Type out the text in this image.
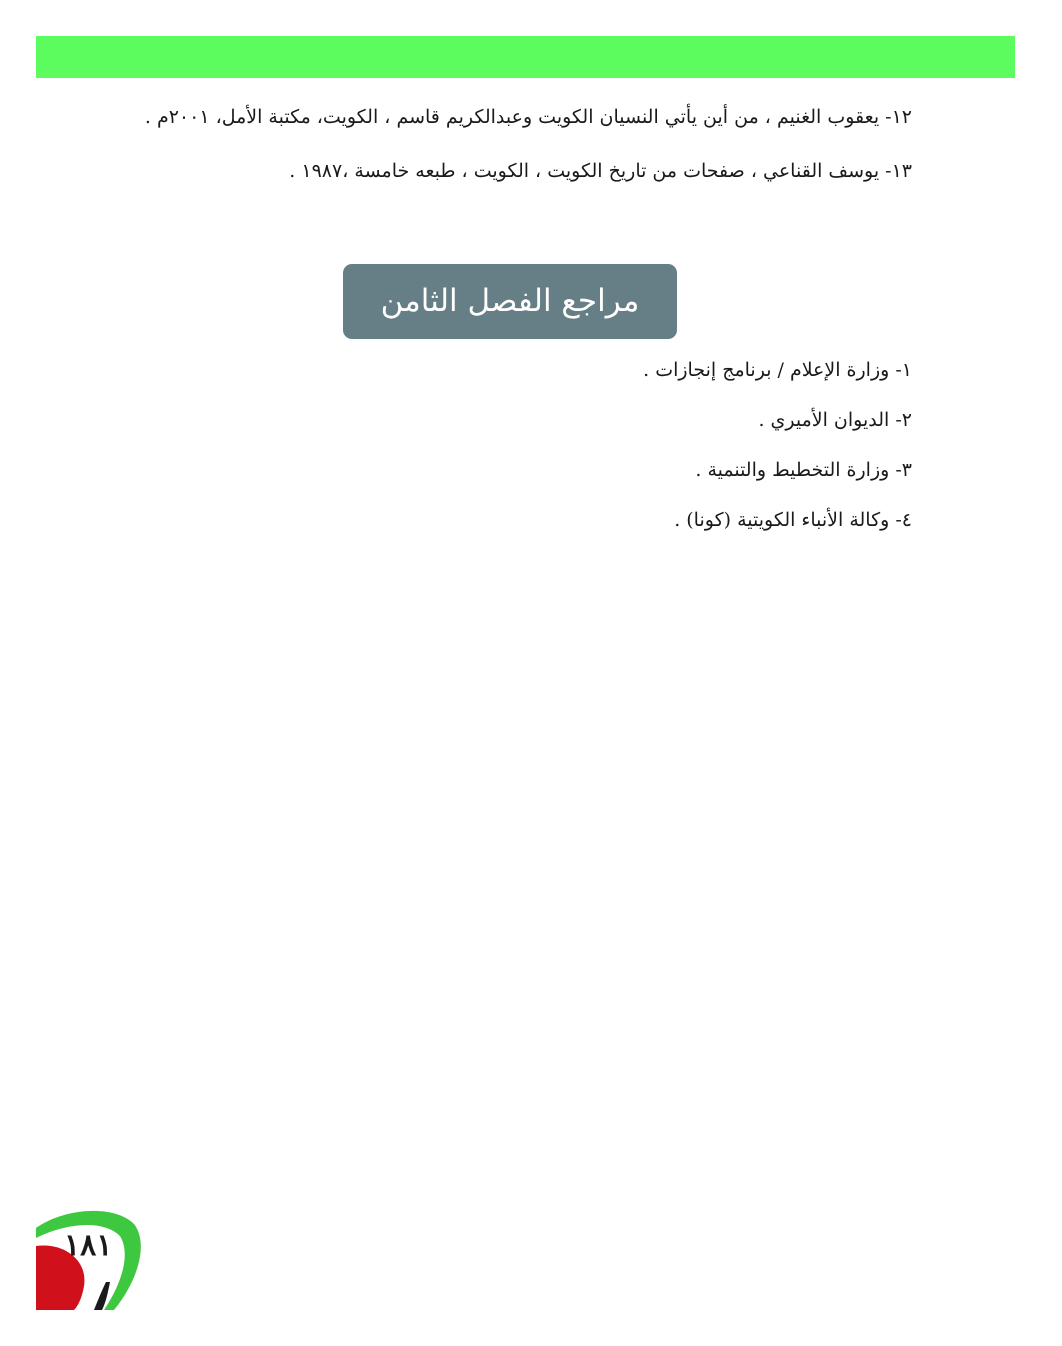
١٢- يعقوب الغنيم ، من أين يأتي النسيان الكويت وعبدالكريم قاسم ، الكويت، مكتبة الأمل، ٢٠٠١م .

١٣- يوسف القناعي ، صفحات من تاريخ الكويت ، الكويت ، طبعه خامسة ،١٩٨٧ .

مراجع الفصل الثامن

١- وزارة الإعلام / برنامج إنجازات .

٢- الديوان الأميري .

٣- وزارة التخطيط والتنمية .

٤- وكالة الأنباء الكويتية (كونا) .

١٨١
